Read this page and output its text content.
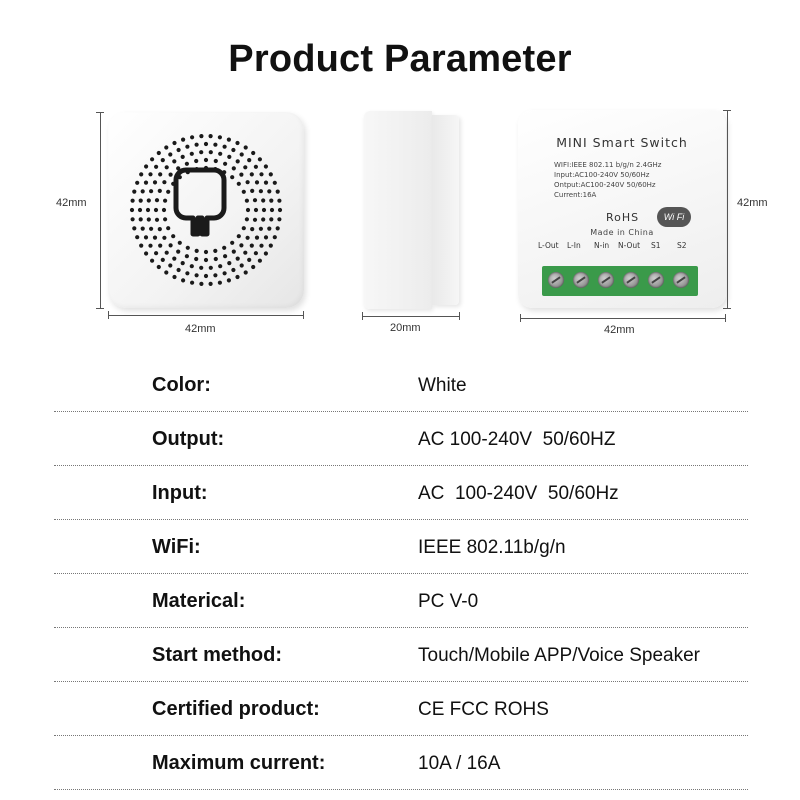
Product Parameter
42mm
42mm	20mm
MINI Smart Switch
WIFI:IEEE 802.11 b/g/n 2.4GHz
Input:AC100-240V 50/60Hz
Ontput:AC100-240V 50/60Hz
Current:16A
RoHS	Wi Fi
Made in China
L-Out L-In N-in N-Out S1 S2
42mm
42mm
Color:	White
Output:	AC 100-240V  50/60HZ
Input:	AC  100-240V  50/60Hz
WiFi:	IEEE 802.11b/g/n
Materical:	PC V-0
Start method:	Touch/Mobile APP/Voice Speaker
Certified product:	CE FCC ROHS
Maximum current:	10A / 16A
